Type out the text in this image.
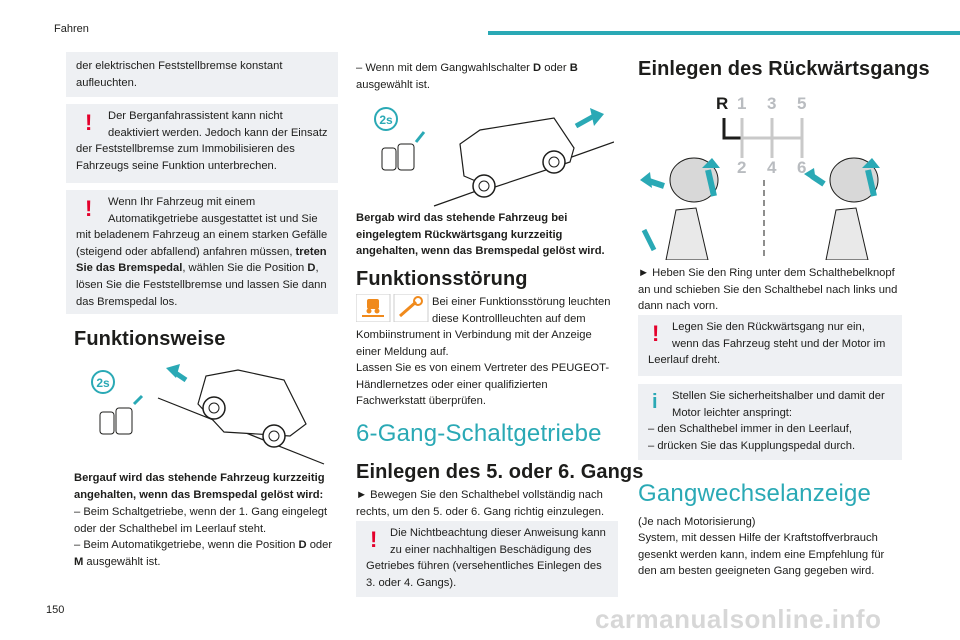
Fahren

der elektrischen Feststellbremse konstant aufleuchten.

!	Der Berganfahrassistent kann nicht
deaktiviert werden. Jedoch kann der Einsatz der Feststellbremse zum Immobilisieren des Fahrzeugs seine Funktion unterbrechen.

!	Wenn Ihr Fahrzeug mit einem
Automatikgetriebe ausgestattet ist und Sie mit beladenem Fahrzeug an einem starken Gefälle (steigend oder abfallend) anfahren müssen, treten Sie das Bremspedal, wählen Sie die Position D, lösen Sie die Feststellbremse und lassen Sie dann das Bremspedal los.

Funktionsweise
2s

Bergauf wird das stehende Fahrzeug kurzzeitig angehalten, wenn das Bremspedal gelöst wird:

– Beim Schaltgetriebe, wenn der 1. Gang eingelegt oder der Schalthebel im Leerlauf steht.

– Beim Automatikgetriebe, wenn die Position D oder M ausgewählt ist.

– Wenn mit dem Gangwahlschalter D oder B ausgewählt ist.

2s

Bergab wird das stehende Fahrzeug bei eingelegtem Rückwärtsgang kurzzeitig angehalten, wenn das Bremspedal gelöst wird.

Funktionsstörung

Bei einer Funktionsstörung leuchten

diese Kontrollleuchten auf dem

Kombiinstrument in Verbindung mit der Anzeige einer Meldung auf.

Lassen Sie es von einem Vertreter des PEUGEOT-Händlernetzes oder einer qualifizierten Fachwerkstatt überprüfen.

6-Gang-Schaltgetriebe
Einlegen des 5. oder 6. Gangs

► Bewegen Sie den Schalthebel vollständig nach rechts, um den 5. oder 6. Gang richtig einzulegen.

!	Die Nichtbeachtung dieser Anweisung kann
zu einer nachhaltigen Beschädigung des Getriebes führen (versehentliches Einlegen des 3. oder 4. Gangs).

Einlegen des Rückwärtsgangs
R 1 3 5
2 4 6

► Heben Sie den Ring unter dem Schalthebelknopf an und schieben Sie den Schalthebel nach links und dann nach vorn.

!	Legen Sie den Rückwärtsgang nur ein,
wenn das Fahrzeug steht und der Motor im Leerlauf dreht.

i	Stellen Sie sicherheitshalber und damit der
Motor leichter anspringt:
– den Schalthebel immer in den Leerlauf,
– drücken Sie das Kupplungspedal durch.

Gangwechselanzeige

(Je nach Motorisierung)

System, mit dessen Hilfe der Kraftstoffverbrauch gesenkt werden kann, indem eine Empfehlung für den am besten geeigneten Gang gegeben wird.

150	carmanualsonline.info
